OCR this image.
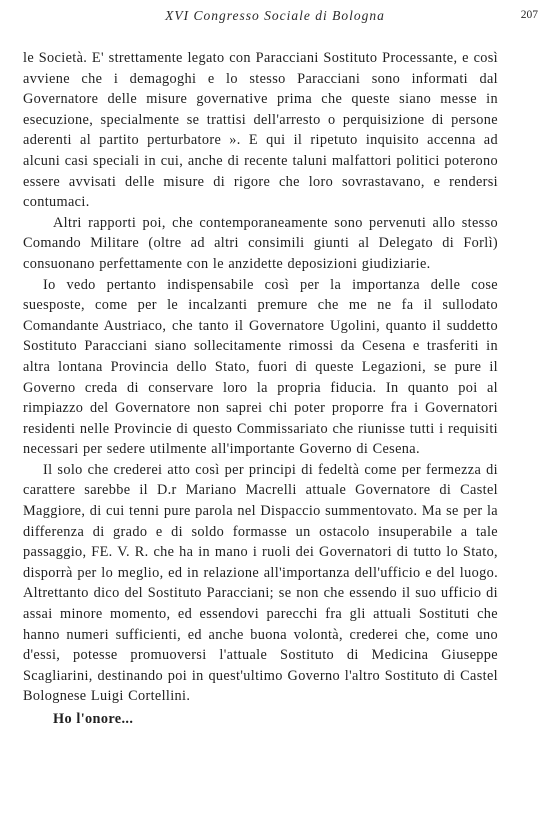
XVI Congresso Sociale di Bologna	207

le Società. E' strettamente legato con Paracciani Sostituto Processante, e così avviene che i demagoghi e lo stesso Paracciani sono informati dal Governatore delle misure governative prima che queste siano messe in esecuzione, specialmente se trattisi dell'arresto o perquisizione di persone aderenti al partito perturbatore ». E qui il ripetuto inquisito accenna ad alcuni casi speciali in cui, anche di recente taluni malfattori politici poterono essere avvisati delle misure di rigore che loro sovrastavano, e rendersi contumaci.

Altri rapporti poi, che contemporaneamente sono pervenuti allo stesso Comando Militare (oltre ad altri consimili giunti al Delegato di Forlì) consuonano perfettamente con le anzidette deposizioni giudiziarie.

Io vedo pertanto indispensabile così per la importanza delle cose suesposte, come per le incalzanti premure che me ne fa il sullodato Comandante Austriaco, che tanto il Governatore Ugolini, quanto il suddetto Sostituto Paracciani siano sollecitamente rimossi da Cesena e trasferiti in altra lontana Provincia dello Stato, fuori di queste Legazioni, se pure il Governo creda di conservare loro la propria fiducia. In quanto poi al rimpiazzo del Governatore non saprei chi poter proporre fra i Governatori residenti nelle Provincie di questo Commissariato che riunisse tutti i requisiti necessari per sedere utilmente all'importante Governo di Cesena.

Il solo che crederei atto così per principi di fedeltà come per fermezza di carattere sarebbe il D.r Mariano Macrelli attuale Governatore di Castel Maggiore, di cui tenni pure parola nel Dispaccio summentovato. Ma se per la differenza di grado e di soldo formasse un ostacolo insuperabile a tale passaggio, FE. V. R. che ha in mano i ruoli dei Governatori di tutto lo Stato, disporrà per lo meglio, ed in relazione all'importanza dell'ufficio e del luogo. Altrettanto dico del Sostituto Paracciani; se non che essendo il suo ufficio di assai minore momento, ed essendovi parecchi fra gli attuali Sostituti che hanno numeri sufficienti, ed anche buona volontà, crederei che, come uno d'essi, potesse promuoversi l'attuale Sostituto di Medicina Giuseppe Scagliarini, destinando poi in quest'ultimo Governo l'altro Sostituto di Castel Bolognese Luigi Cortellini.

Ho l'onore...
